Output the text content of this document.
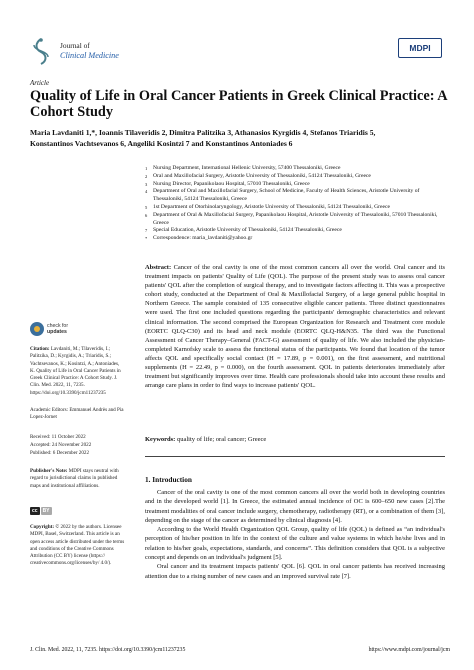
Journal of
Clinical Medicine
MDPI
Article
Quality of Life in Oral Cancer Patients in Greek Clinical Practice: A Cohort Study
Maria Lavdaniti 1,*, Ioannis Tilaveridis 2, Dimitra Palitzika 3, Athanasios Kyrgidis 4, Stefanos Triaridis 5,
Konstantinos Vachtsevanos 6, Angeliki Kosintzi 7 and Konstantinos Antoniades 6
1	Nursing Department, International Hellenic University, 57400 Thessaloniki, Greece
2	Oral and Maxillofacial Surgery, Aristotle University of Thessaloniki, 54124 Thessaloniki, Greece
3	Nursing Director, Papanikolaou Hospital, 57010 Thessaloniki, Greece
4	Department of Oral and Maxillofacial Surgery, School of Medicine, Faculty of Health Sciences, Aristotle University of Thessaloniki, 54124 Thessaloniki, Greece
5	1st Department of Otorhinolaryngology, Aristotle University of Thessaloniki, 54124 Thessaloniki, Greece
6	Department of Oral & Maxillofacial Surgery, Papanikolaou Hospital, Aristotle University of Thessaloniki, 57010 Thessaloniki, Greece
7	Special Education, Aristotle University of Thessaloniki, 54124 Thessaloniki, Greece
*	Correspondence: maria_lavdaniti@yahoo.gr
check for
updates
Citation: Lavdaniti, M.; Tilaveridis, I.; Palitzika, D.; Kyrgidis, A.; Triaridis, S.; Vachtsevanos, K.; Kosintzi, A.; Antoniades, K. Quality of Life in Oral Cancer Patients in Greek Clinical Practice: A Cohort Study. J. Clin. Med. 2022, 11, 7235. https://doi.org/10.3390/jcm11237235
Academic Editors: Emmanuel Andrès and Pia Lopez-Jornet
Received: 11 October 2022
Accepted: 24 November 2022
Published: 6 December 2022
Publisher's Note: MDPI stays neutral with regard to jurisdictional claims in published maps and institutional affiliations.
cc	BY
Copyright: © 2022 by the authors. Licensee MDPI, Basel, Switzerland. This article is an open access article distributed under the terms and conditions of the Creative Commons Attribution (CC BY) license (https:// creativecommons.org/licenses/by/ 4.0/).
Abstract: Cancer of the oral cavity is one of the most common cancers all over the world. Oral cancer and its treatment impacts on patients' Quality of Life (QOL). The purpose of the present study was to assess oral cancer patients' QOL after the completion of surgical therapy, and to investigate factors affecting it. This was a prospective cohort study, conducted at the Department of Oral & Maxillofacial Surgery, of a large general public hospital in Northern Greece. The sample consisted of 135 consecutive eligible cancer patients. Three distinct questionnaires were used. The first one included questions regarding the participants' demographic characteristics and relevant clinical information. The second comprised the European Organization for Research and Treatment core module (EORTC QLQ-C30) and its head and neck module (EORTC QLQ-H&N35. The third was the Functional Assessment of Cancer Therapy–General (FACT-G) assessment of quality of life. We also included the physician-completed Karnofsky scale to assess the functional status of the participants. We found that location of the tumor affects QOL and specifically social contact (H = 17.89, p = 0.001), on the first assessment, and nutritional supplements (H = 22.49, p = 0.000), on the fourth assessment. QOL in patients deteriorates immediately after treatment but significantly improves over time. Health care professionals should take into account these results and arrange care plans in order to find ways to increase patients' QOL.
Keywords: quality of life; oral cancer; Greece
1. Introduction

Cancer of the oral cavity is one of the most common cancers all over the world both in developing countries and in the developed world [1]. In Greece, the estimated annual incidence of OC is 600–650 new cases [2].The treatment modalities of oral cancer include surgery, chemotherapy, radiotherapy (RT), or a combination of them [3], depending on the stage of the cancer as determined by clinical diagnosis [4].

According to the World Health Organization QOL Group, quality of life (QOL) is defined as “an individual's perception of his/her position in life in the context of the culture and value systems in which he/she lives and in relation to his/her goals, expectations, standards, and concerns”. This definition considers that QOL is a subjective concept and depends on an individual's judgment [5].

Oral cancer and its treatment impacts patients' QOL [6]. QOL in oral cancer patients has received increasing attention due to a rising number of new cases and an improved survival rate [7].

J. Clin. Med. 2022, 11, 7235. https://doi.org/10.3390/jcm11237235	https://www.mdpi.com/journal/jcm
